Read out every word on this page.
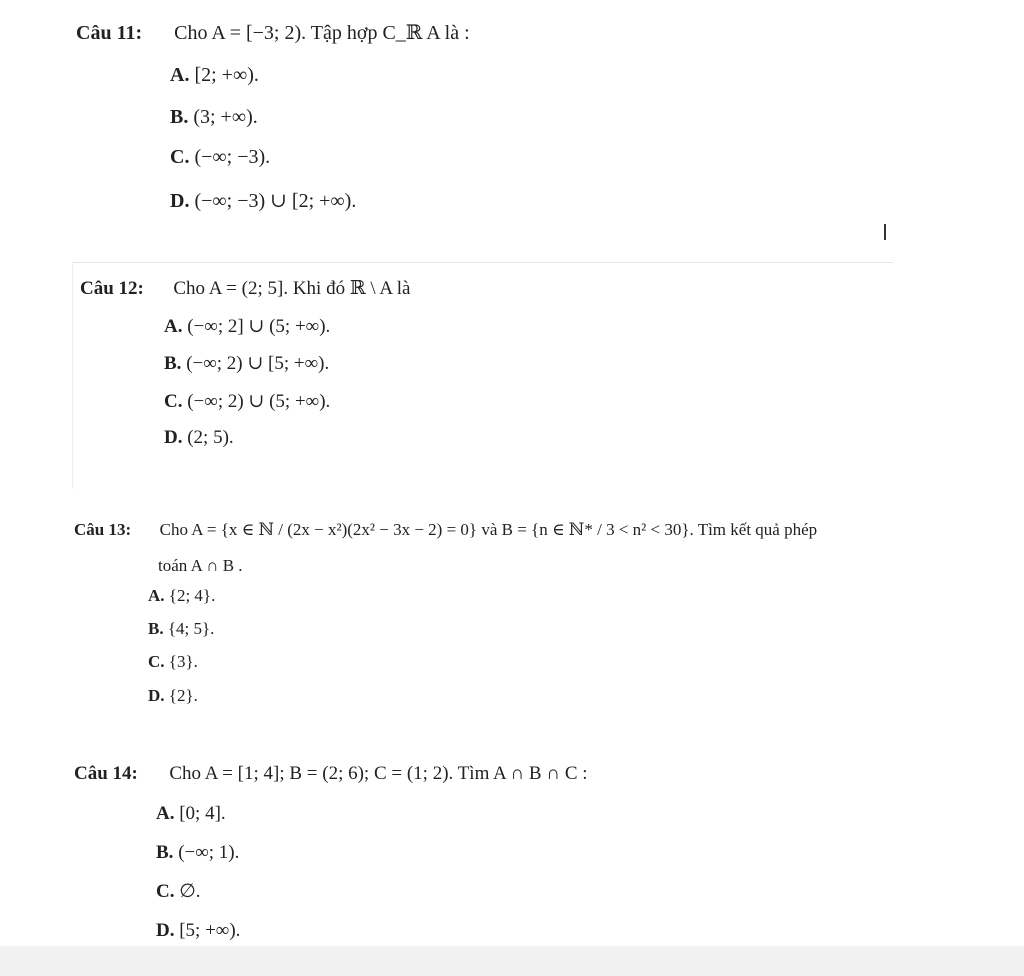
Câu 11: Cho A = [−3; 2). Tập hợp C_ℝ A là :
A. [2; +∞).
B. (3; +∞).
C. (−∞; −3).
D. (−∞; −3) ∪ [2; +∞).
Câu 12: Cho A = (2; 5]. Khi đó ℝ \ A là
A. (−∞; 2] ∪ (5; +∞).
B. (−∞; 2) ∪ [5; +∞).
C. (−∞; 2) ∪ (5; +∞).
D. (2; 5).
Câu 13: Cho A = {x ∈ ℕ / (2x − x²)(2x² − 3x − 2) = 0} và B = {n ∈ ℕ* / 3 < n² < 30}. Tìm kết quả phép
toán A ∩ B .
A. {2; 4}.
B. {4; 5}.
C. {3}.
D. {2}.
Câu 14: Cho A = [1; 4]; B = (2; 6); C = (1; 2). Tìm A ∩ B ∩ C :
A. [0; 4].
B. (−∞; 1).
C. ∅.
D. [5; +∞).
